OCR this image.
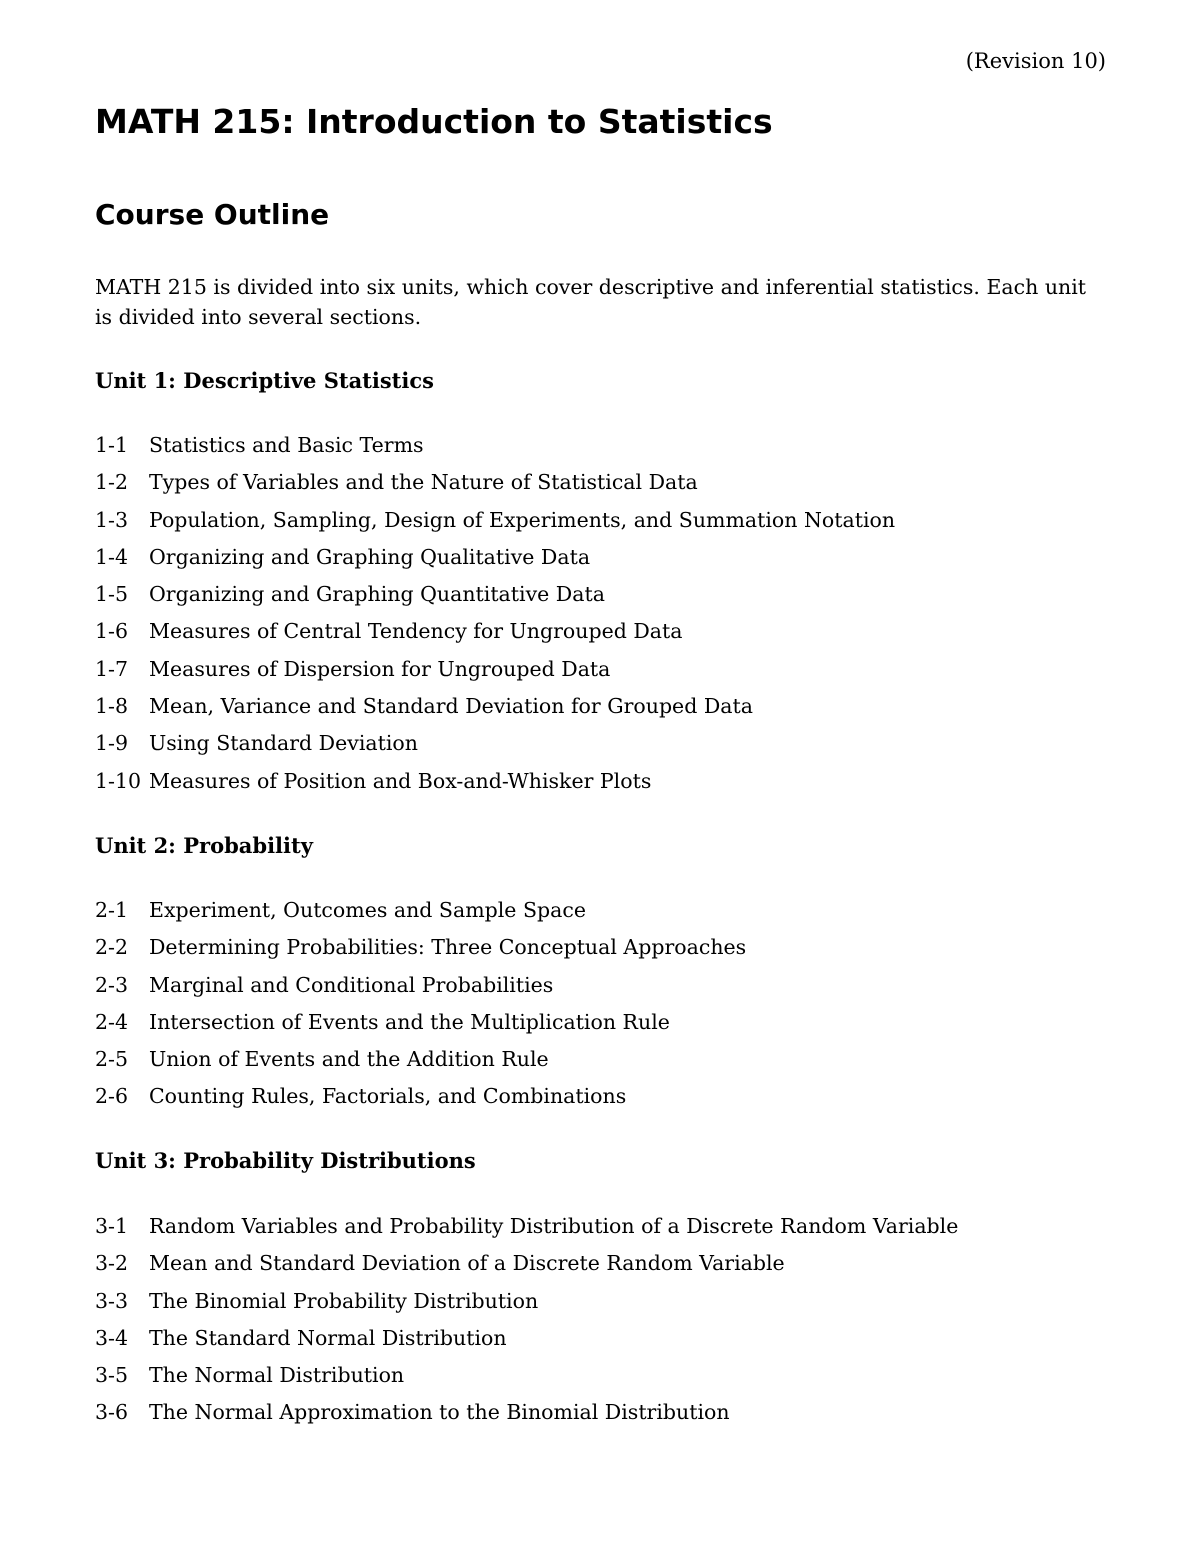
(Revision 10)
MATH 215: Introduction to Statistics
Course Outline

MATH 215 is divided into six units, which cover descriptive and inferential statistics. Each unit is divided into several sections.

Unit 1: Descriptive Statistics
1-1	Statistics and Basic Terms
1-2	Types of Variables and the Nature of Statistical Data
1-3	Population, Sampling, Design of Experiments, and Summation Notation
1-4	Organizing and Graphing Qualitative Data
1-5	Organizing and Graphing Quantitative Data
1-6	Measures of Central Tendency for Ungrouped Data
1-7	Measures of Dispersion for Ungrouped Data
1-8	Mean, Variance and Standard Deviation for Grouped Data
1-9	Using Standard Deviation
1-10 Measures of Position and Box-and-Whisker Plots
Unit 2: Probability
2-1	Experiment, Outcomes and Sample Space
2-2	Determining Probabilities: Three Conceptual Approaches
2-3	Marginal and Conditional Probabilities
2-4	Intersection of Events and the Multiplication Rule
2-5	Union of Events and the Addition Rule
2-6	Counting Rules, Factorials, and Combinations
Unit 3: Probability Distributions
3-1	Random Variables and Probability Distribution of a Discrete Random Variable
3-2	Mean and Standard Deviation of a Discrete Random Variable
3-3	The Binomial Probability Distribution
3-4	The Standard Normal Distribution
3-5	The Normal Distribution
3-6	The Normal Approximation to the Binomial Distribution
